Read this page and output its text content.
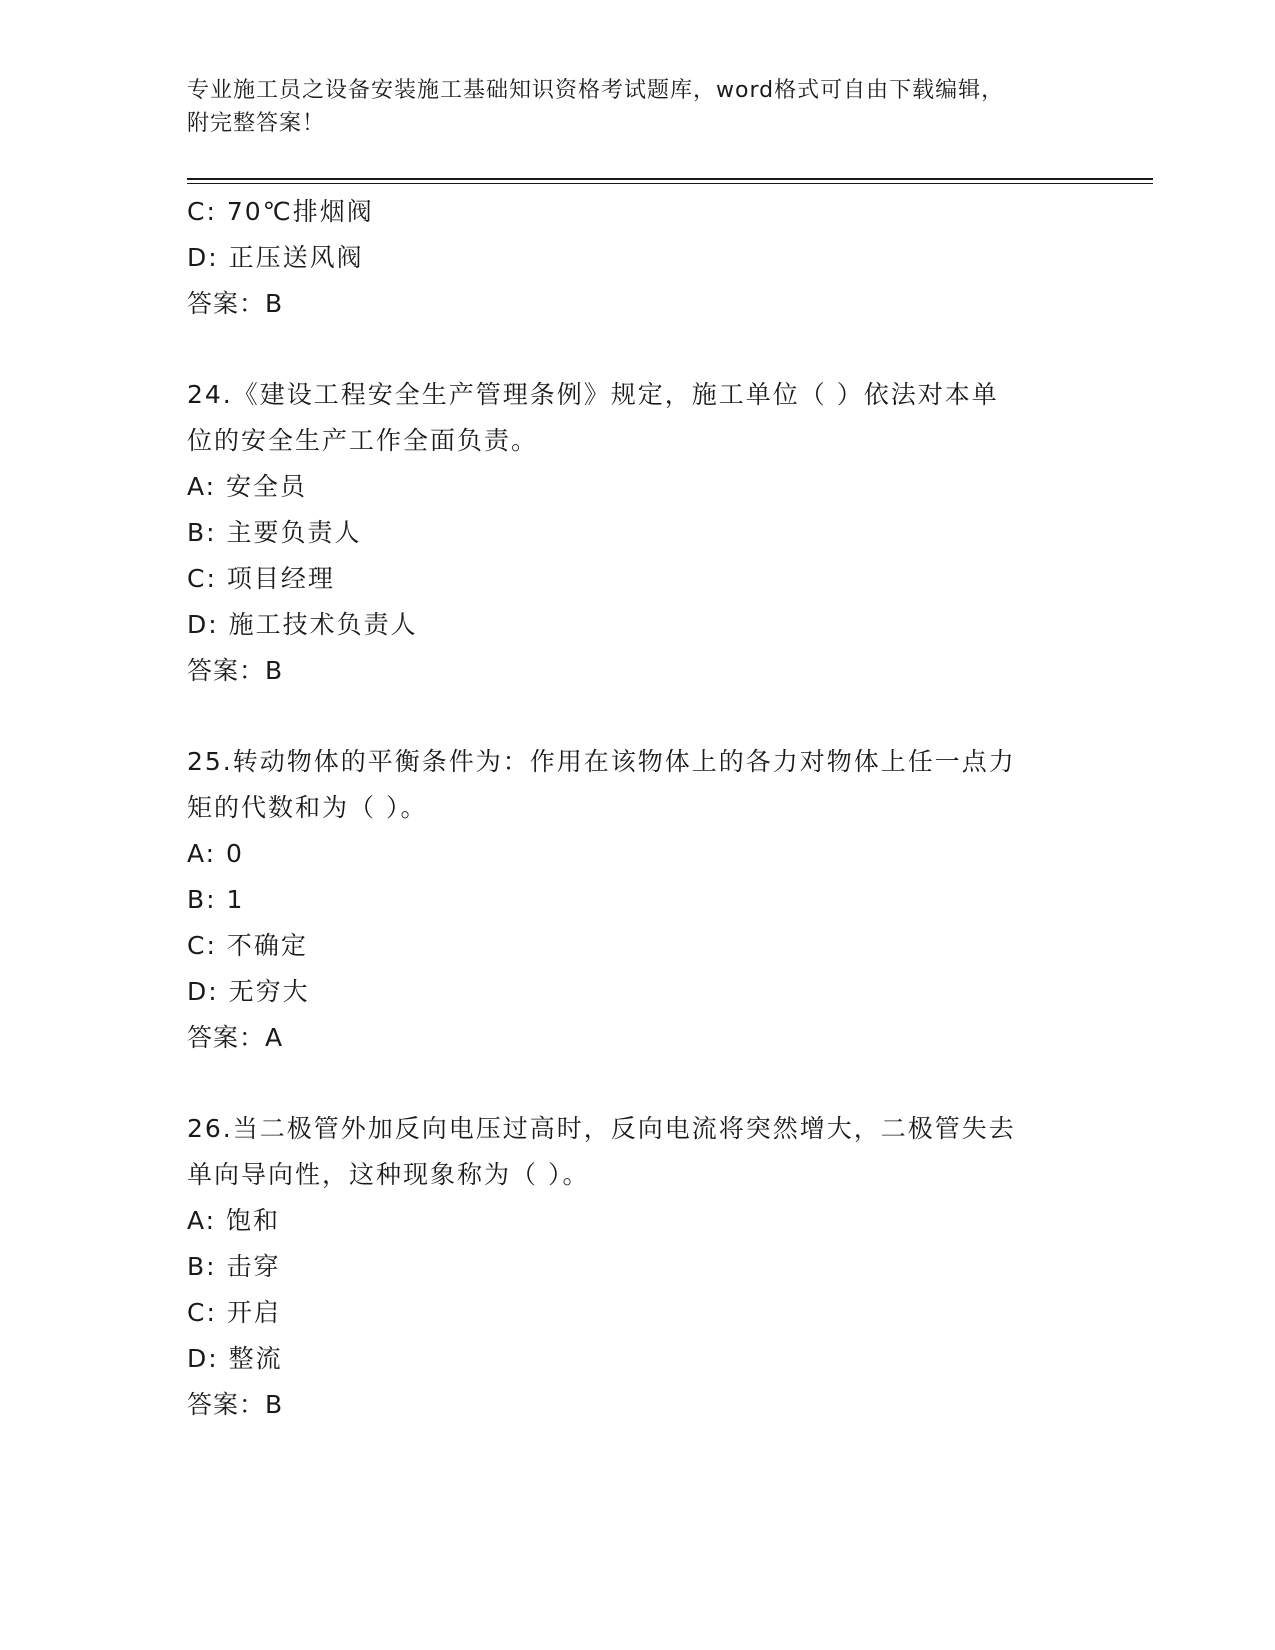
专业施工员之设备安装施工基础知识资格考试题库，word格式可自由下载编辑，
附完整答案！
C: 70℃排烟阀
D: 正压送风阀
答案：B
24.《建设工程安全生产管理条例》规定，施工单位（ ）依法对本单
位的安全生产工作全面负责。
A: 安全员
B: 主要负责人
C: 项目经理
D: 施工技术负责人
答案：B
25.转动物体的平衡条件为：作用在该物体上的各力对物体上任一点力
矩的代数和为（ ）。
A: 0
B: 1
C: 不确定
D: 无穷大
答案：A
26.当二极管外加反向电压过高时，反向电流将突然增大，二极管失去
单向导向性，这种现象称为（ ）。
A: 饱和
B: 击穿
C: 开启
D: 整流
答案：B
